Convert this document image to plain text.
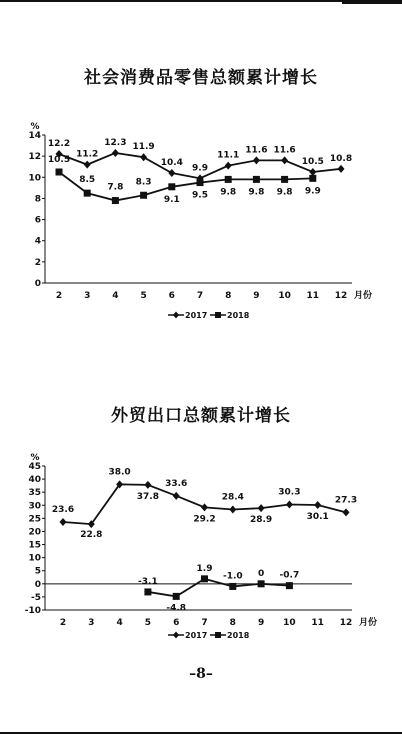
社会消费品零售总额累计增长
%
0
2
4
6
8
10
12
14
2 3 4 5 6 7 8 9 10 11 12 月份
12.2
11.2
12.3 11.9
10.4
9.9
11.1
11.6 11.6
10.5 10.8
10.5
8.5
7.8
8.3
9.1 9.5 9.8 9.8 9.8 9.9
2017 2018
外贸出口总额累计增长
%
-10
-5
0
5
10
15
20
25
30
35
40
45
2 3 4 5 6 7 8 9 10 11 12 月份
23.6
22.8
38.0
37.8
33.6
29.2
28.4
28.9
30.3
30.1
27.3
-3.1
-4.8
1.9
-1.0 0 -0.7
2017 2018
–8–
